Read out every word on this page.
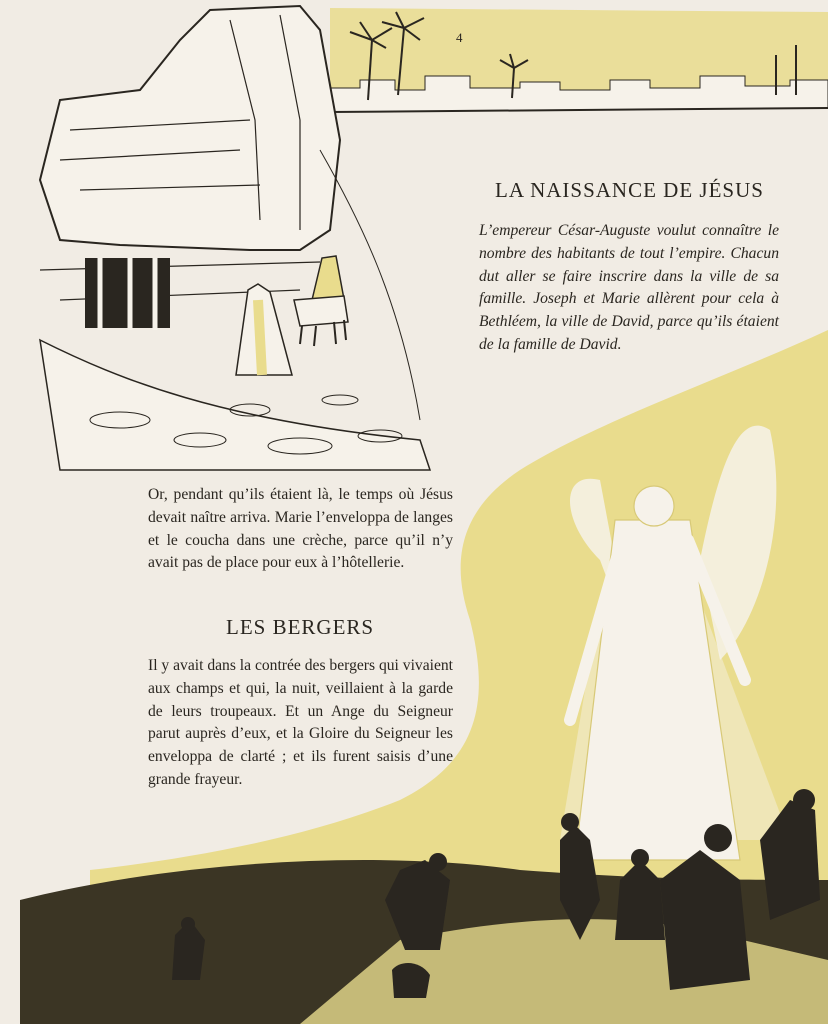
4
LA NAISSANCE DE JÉSUS

L’empereur César-Auguste voulut connaître le nombre des habitants de tout l’empire. Chacun dut aller se faire inscrire dans la ville de sa famille. Joseph et Marie allèrent pour cela à Bethléem, la ville de David, parce qu’ils étaient de la famille de David.

Or, pendant qu’ils étaient là, le temps où Jésus devait naître arriva. Marie l’enveloppa de langes et le coucha dans une crèche, parce qu’il n’y avait pas de place pour eux à l’hôtellerie.

LES BERGERS

Il y avait dans la contrée des bergers qui vivaient aux champs et qui, la nuit, veillaient à la garde de leurs troupeaux. Et un Ange du Seigneur parut auprès d’eux, et la Gloire du Seigneur les enveloppa de clarté ; et ils furent saisis d’une grande frayeur.
